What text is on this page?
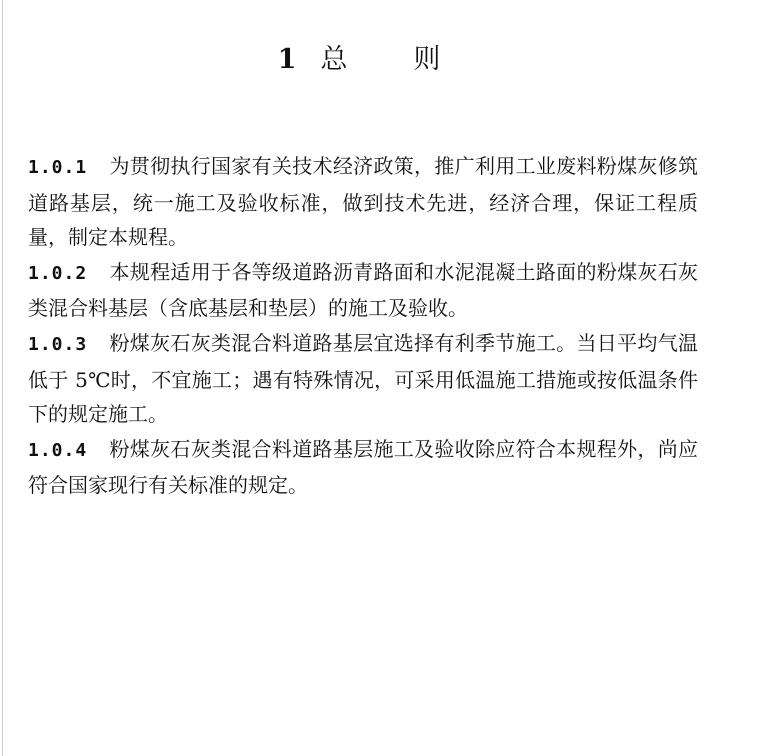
1 总 则

1.0.1 为贯彻执行国家有关技术经济政策，推广利用工业废料粉煤灰修筑道路基层，统一施工及验收标准，做到技术先进，经济合理，保证工程质量，制定本规程。

1.0.2 本规程适用于各等级道路沥青路面和水泥混凝土路面的粉煤灰石灰类混合料基层（含底基层和垫层）的施工及验收。

1.0.3 粉煤灰石灰类混合料道路基层宜选择有利季节施工。当日平均气温低于 5℃时，不宜施工；遇有特殊情况，可采用低温施工措施或按低温条件下的规定施工。

1.0.4 粉煤灰石灰类混合料道路基层施工及验收除应符合本规程外，尚应符合国家现行有关标准的规定。
